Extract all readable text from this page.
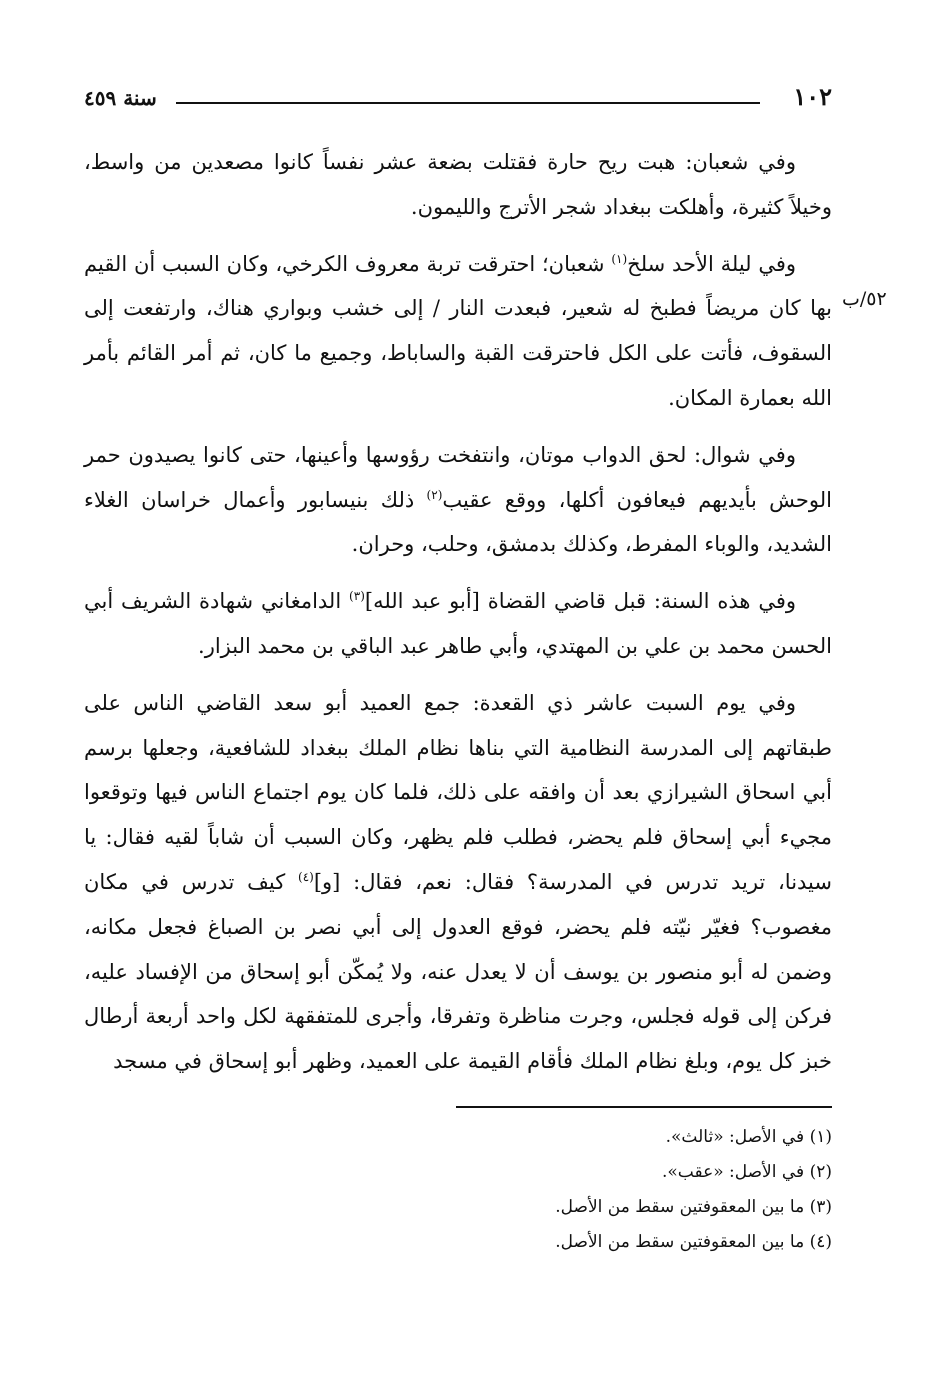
١٠٢
سنة ٤٥٩
٥٢/ب

وفي شعبان: هبت ريح حارة فقتلت بضعة عشر نفساً كانوا مصعدين من واسط، وخيلاً كثيرة، وأهلكت ببغداد شجر الأترج والليمون.

وفي ليلة الأحد سلخ$^{(١)}$ شعبان؛ احترقت تربة معروف الكرخي، وكان السبب أن القيم بها كان مريضاً فطبخ له شعير، فبعدت النار / إلى خشب وبواري هناك، وارتفعت إلى السقوف، فأتت على الكل فاحترقت القبة والساباط، وجميع ما كان، ثم أمر القائم بأمر الله بعمارة المكان.

وفي شوال: لحق الدواب موتان، وانتفخت رؤوسها وأعينها، حتى كانوا يصيدون حمر الوحش بأيديهم فيعافون أكلها، ووقع عقيب$^{(٢)}$ ذلك بنيسابور وأعمال خراسان الغلاء الشديد، والوباء المفرط، وكذلك بدمشق، وحلب، وحران.

وفي هذه السنة: قبل قاضي القضاة [أبو عبد الله]$^{(٣)}$ الدامغاني شهادة الشريف أبي الحسن محمد بن علي بن المهتدي، وأبي طاهر عبد الباقي بن محمد البزار.

وفي يوم السبت عاشر ذي القعدة: جمع العميد أبو سعد القاضي الناس على طبقاتهم إلى المدرسة النظامية التي بناها نظام الملك ببغداد للشافعية، وجعلها برسم أبي اسحاق الشيرازي بعد أن وافقه على ذلك، فلما كان يوم اجتماع الناس فيها وتوقعوا مجيء أبي إسحاق فلم يحضر، فطلب فلم يظهر، وكان السبب أن شاباً لقيه فقال: يا سيدنا، تريد تدرس في المدرسة؟ فقال: نعم، فقال: [و]$^{(٤)}$ كيف تدرس في مكان مغصوب؟ فغيّر نيّته فلم يحضر، فوقع العدول إلى أبي نصر بن الصباغ فجعل مكانه، وضمن له أبو منصور بن يوسف أن لا يعدل عنه، ولا يُمكّن أبو إسحاق من الإفساد عليه، فركن إلى قوله فجلس، وجرت مناظرة وتفرقا، وأجرى للمتفقهة لكل واحد أربعة أرطال خبز كل يوم، وبلغ نظام الملك فأقام القيمة على العميد، وظهر أبو إسحاق في مسجد

(١) في الأصل: «ثالث».

(٢) في الأصل: «عقب».

(٣) ما بين المعقوفتين سقط من الأصل.

(٤) ما بين المعقوفتين سقط من الأصل.
